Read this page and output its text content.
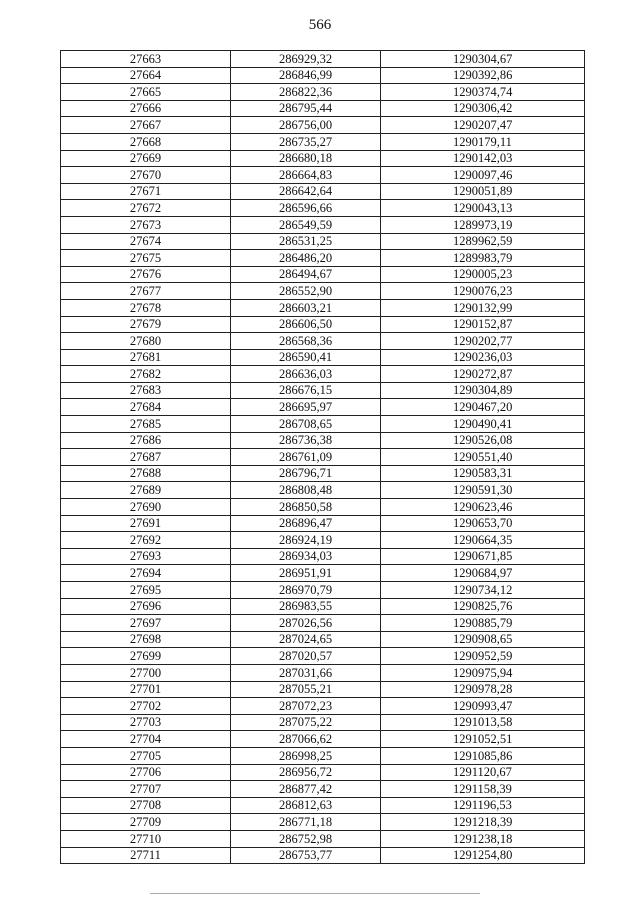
566
27663	286929,32	1290304,67
27664	286846,99	1290392,86
27665	286822,36	1290374,74
27666	286795,44	1290306,42
27667	286756,00	1290207,47
27668	286735,27	1290179,11
27669	286680,18	1290142,03
27670	286664,83	1290097,46
27671	286642,64	1290051,89
27672	286596,66	1290043,13
27673	286549,59	1289973,19
27674	286531,25	1289962,59
27675	286486,20	1289983,79
27676	286494,67	1290005,23
27677	286552,90	1290076,23
27678	286603,21	1290132,99
27679	286606,50	1290152,87
27680	286568,36	1290202,77
27681	286590,41	1290236,03
27682	286636,03	1290272,87
27683	286676,15	1290304,89
27684	286695,97	1290467,20
27685	286708,65	1290490,41
27686	286736,38	1290526,08
27687	286761,09	1290551,40
27688	286796,71	1290583,31
27689	286808,48	1290591,30
27690	286850,58	1290623,46
27691	286896,47	1290653,70
27692	286924,19	1290664,35
27693	286934,03	1290671,85
27694	286951,91	1290684,97
27695	286970,79	1290734,12
27696	286983,55	1290825,76
27697	287026,56	1290885,79
27698	287024,65	1290908,65
27699	287020,57	1290952,59
27700	287031,66	1290975,94
27701	287055,21	1290978,28
27702	287072,23	1290993,47
27703	287075,22	1291013,58
27704	287066,62	1291052,51
27705	286998,25	1291085,86
27706	286956,72	1291120,67
27707	286877,42	1291158,39
27708	286812,63	1291196,53
27709	286771,18	1291218,39
27710	286752,98	1291238,18
27711	286753,77	1291254,80
